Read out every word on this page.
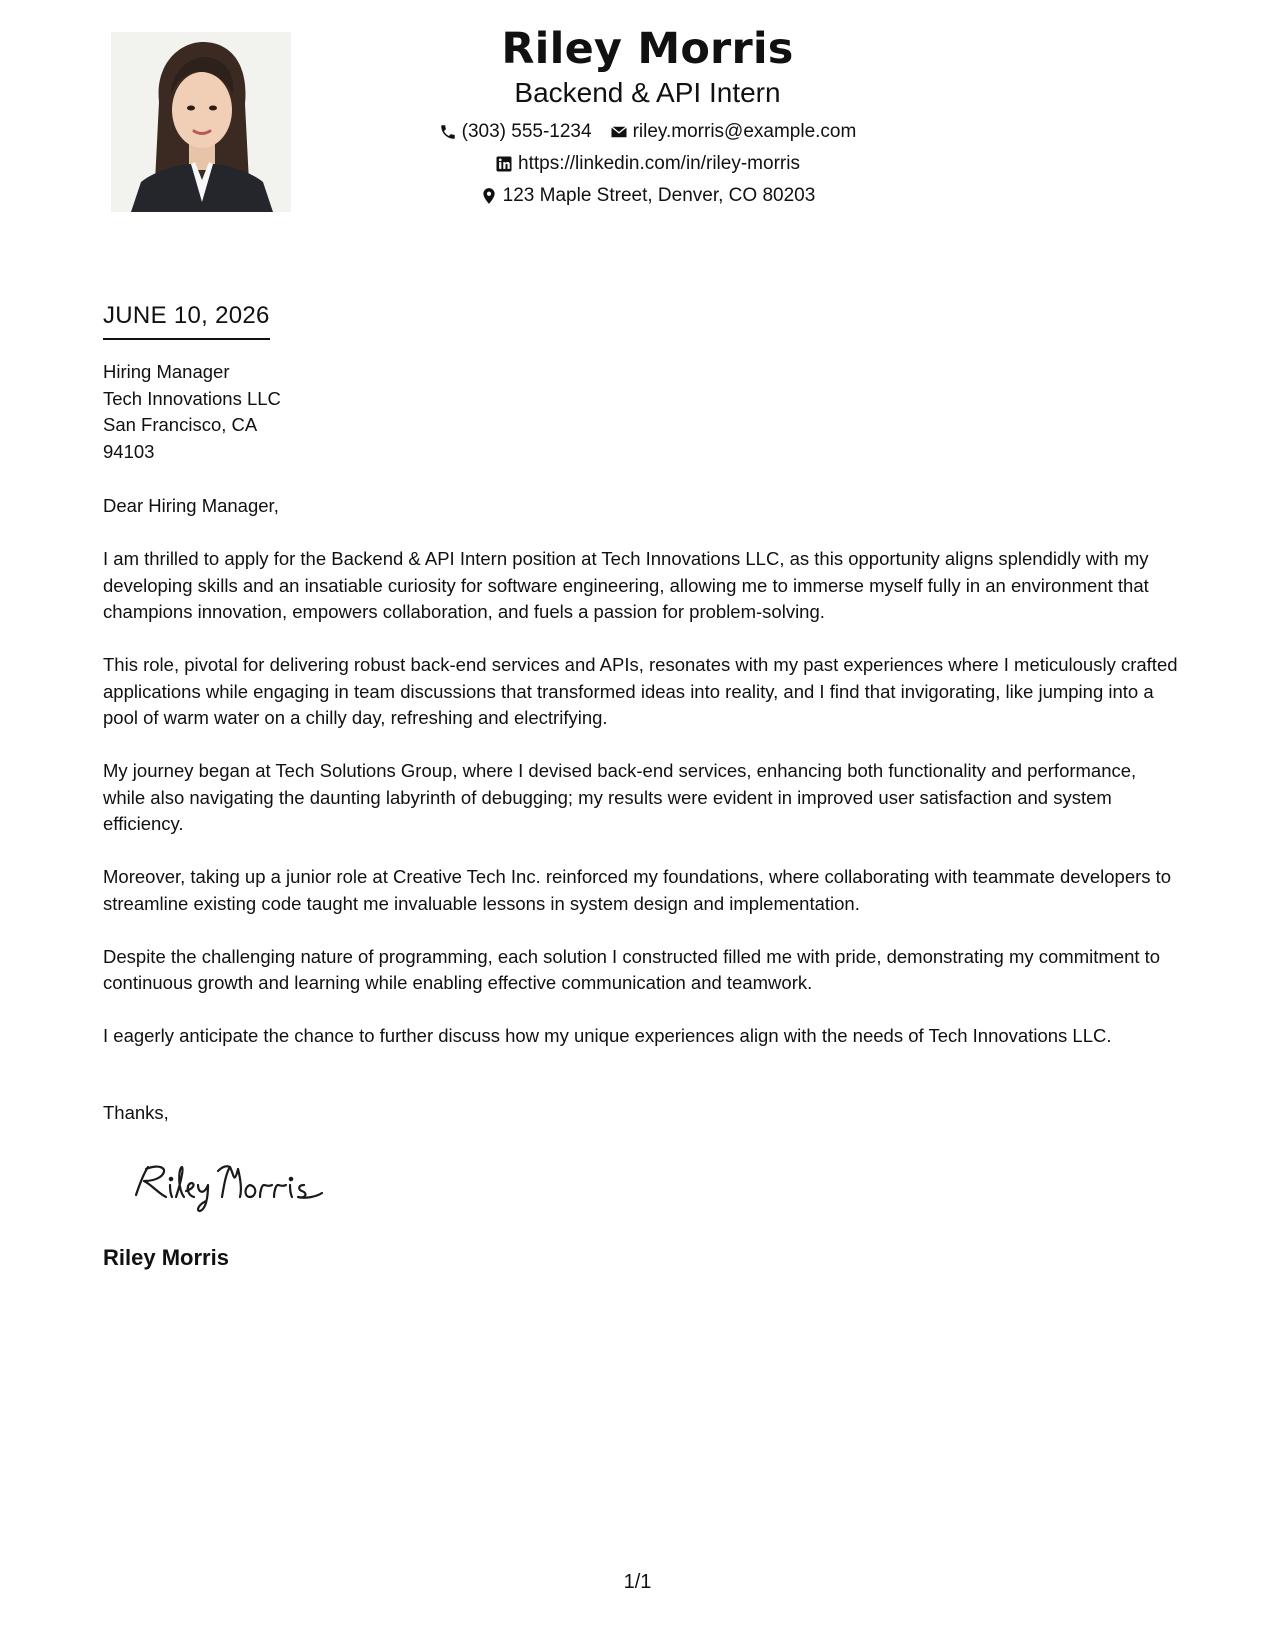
Riley Morris
Backend & API Intern
(303) 555-1234 riley.morris@example.com
https://linkedin.com/in/riley-morris
123 Maple Street, Denver, CO 80203
JUNE 10, 2026
Hiring Manager
Tech Innovations LLC
San Francisco, CA
94103

Dear Hiring Manager,

I am thrilled to apply for the Backend & API Intern position at Tech Innovations LLC, as this opportunity aligns splendidly with my developing skills and an insatiable curiosity for software engineering, allowing me to immerse myself fully in an environment that champions innovation, empowers collaboration, and fuels a passion for problem-solving.

This role, pivotal for delivering robust back-end services and APIs, resonates with my past experiences where I meticulously crafted applications while engaging in team discussions that transformed ideas into reality, and I find that invigorating, like jumping into a pool of warm water on a chilly day, refreshing and electrifying.

My journey began at Tech Solutions Group, where I devised back-end services, enhancing both functionality and performance, while also navigating the daunting labyrinth of debugging; my results were evident in improved user satisfaction and system efficiency.

Moreover, taking up a junior role at Creative Tech Inc. reinforced my foundations, where collaborating with teammate developers to streamline existing code taught me invaluable lessons in system design and implementation.

Despite the challenging nature of programming, each solution I constructed filled me with pride, demonstrating my commitment to continuous growth and learning while enabling effective communication and teamwork.

I eagerly anticipate the chance to further discuss how my unique experiences align with the needs of Tech Innovations LLC.

Thanks,
Riley Morris
1/1
